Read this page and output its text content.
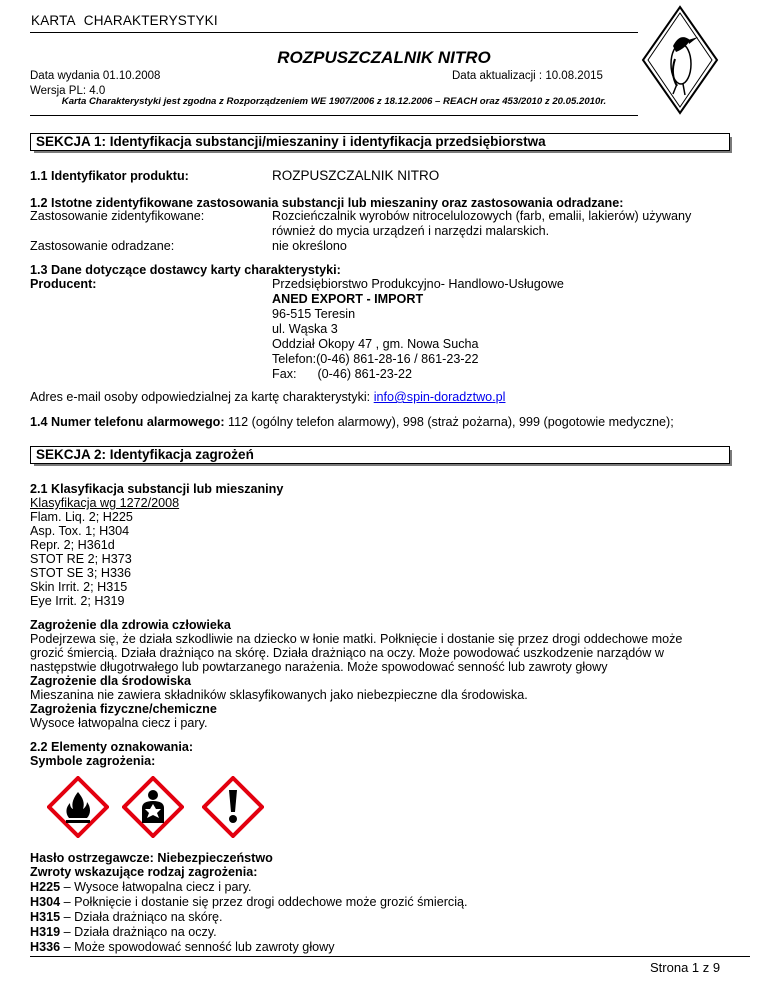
KARTA CHARAKTERYSTYKI
ROZPUSZCZALNIK NITRO
Data wydania 01.10.2008
Wersja PL: 4.0
Data aktualizacji : 10.08.2015
Karta Charakterystyki jest zgodna z Rozporządzeniem WE 1907/2006 z 18.12.2006 – REACH oraz 453/2010 z 20.05.2010r.
SEKCJA 1: Identyfikacja substancji/mieszaniny i identyfikacja przedsiębiorstwa
1.1 Identyfikator produktu:	ROZPUSZCZALNIK NITRO
1.2 Istotne zidentyfikowane zastosowania substancji lub mieszaniny oraz zastosowania odradzane:
Zastosowanie zidentyfikowane:	Rozcieńczalnik wyrobów nitrocelulozowych (farb, emalii, lakierów) używany
również do mycia urządzeń i narzędzi malarskich.
Zastosowanie odradzane:	nie określono
1.3 Dane dotyczące dostawcy karty charakterystyki:
Producent:	Przedsiębiorstwo Produkcyjno- Handlowo-Usługowe
ANED EXPORT - IMPORT
96-515 Teresin
ul. Wąska 3
Oddział Okopy 47 , gm. Nowa Sucha
Telefon:(0-46) 861-28-16 / 861-23-22
Fax:      (0-46) 861-23-22
Adres e-mail osoby odpowiedzialnej za kartę charakterystyki: info@spin-doradztwo.pl
1.4 Numer telefonu alarmowego: 112 (ogólny telefon alarmowy), 998 (straż pożarna), 999 (pogotowie medyczne);
SEKCJA 2: Identyfikacja zagrożeń
2.1 Klasyfikacja substancji lub mieszaniny
Klasyfikacja wg 1272/2008
Flam. Liq. 2; H225
Asp. Tox. 1; H304
Repr. 2; H361d
STOT RE 2; H373
STOT SE 3; H336
Skin Irrit. 2; H315
Eye Irrit. 2; H319
Zagrożenie dla zdrowia człowieka
Podejrzewa się, że działa szkodliwie na dziecko w łonie matki. Połknięcie i dostanie się przez drogi oddechowe może
grozić śmiercią. Działa drażniąco na skórę. Działa drażniąco na oczy. Może powodować uszkodzenie narządów w
następstwie długotrwałego lub powtarzanego narażenia. Może spowodować senność lub zawroty głowy
Zagrożenie dla środowiska
Mieszanina nie zawiera składników sklasyfikowanych jako niebezpieczne dla środowiska.
Zagrożenia fizyczne/chemiczne
Wysoce łatwopalna ciecz i pary.
2.2 Elementy oznakowania:
Symbole zagrożenia:
Hasło ostrzegawcze: Niebezpieczeństwo
Zwroty wskazujące rodzaj zagrożenia:
H225 – Wysoce łatwopalna ciecz i pary.
H304 – Połknięcie i dostanie się przez drogi oddechowe może grozić śmiercią.
H315 – Działa drażniąco na skórę.
H319 – Działa drażniąco na oczy.
H336 – Może spowodować senność lub zawroty głowy
Strona 1 z 9
